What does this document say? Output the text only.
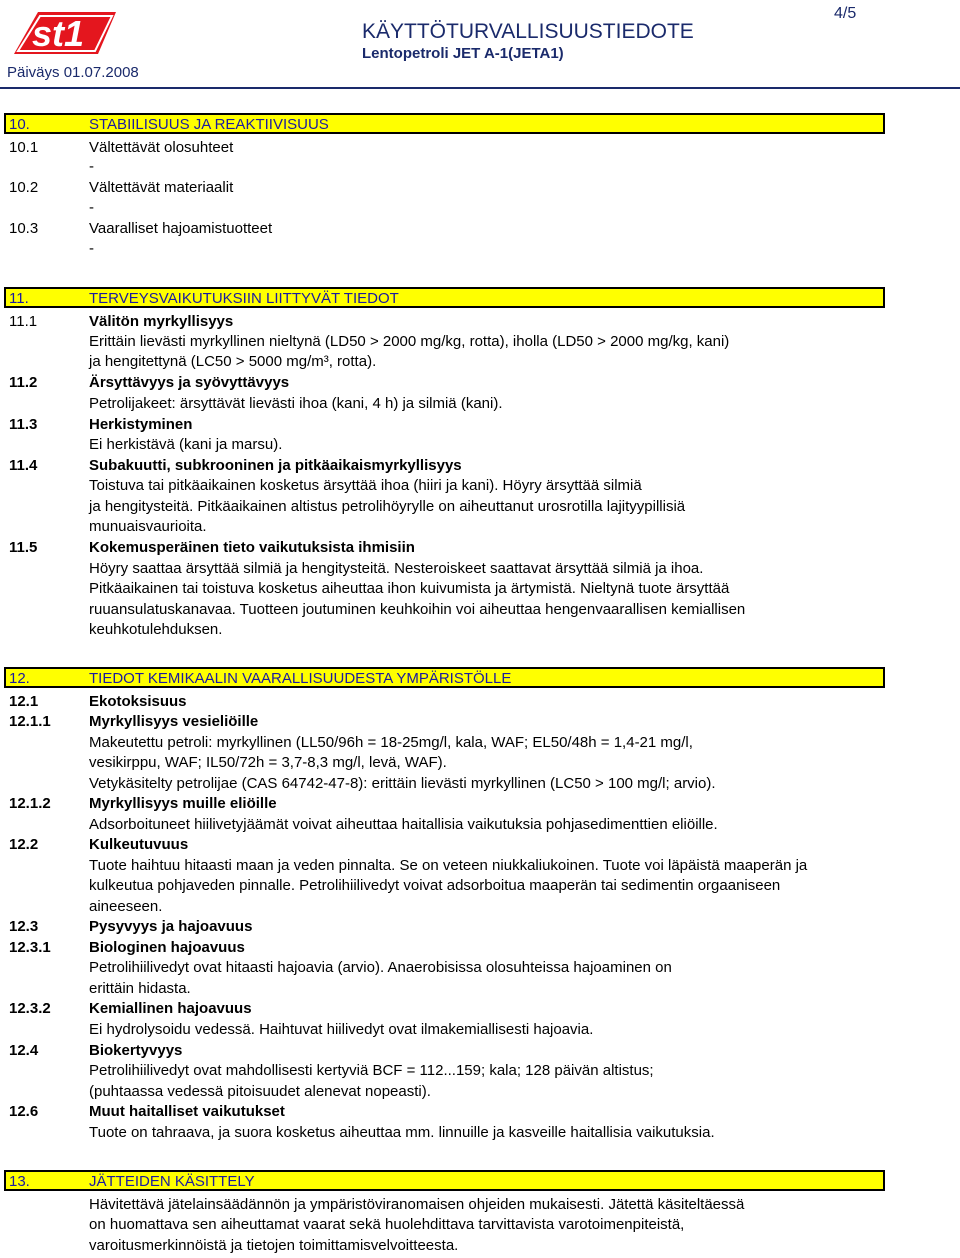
st1	KÄYTTÖTURVALLISUUSTIEDOTE
Lentopetroli JET A-1(JETA1)
4/5
Päiväys 01.07.2008
10.	STABIILISUUS JA REAKTIIVISUUS
10.1	Vältettävät olosuhteet
-
10.2	Vältettävät materiaalit
-
10.3	Vaaralliset hajoamistuotteet
-
11.	TERVEYSVAIKUTUKSIIN LIITTYVÄT TIEDOT
11.1	Välitön myrkyllisyys
Erittäin lievästi myrkyllinen nieltynä (LD50 > 2000 mg/kg, rotta), iholla (LD50 > 2000 mg/kg, kani)
ja hengitettynä (LC50 > 5000 mg/m³, rotta).
11.2	Ärsyttävyys ja syövyttävyys
Petrolijakeet: ärsyttävät lievästi ihoa (kani, 4 h) ja silmiä (kani).
11.3	Herkistyminen
Ei herkistävä (kani ja marsu).
11.4	Subakuutti, subkrooninen ja pitkäaikaismyrkyllisyys
Toistuva tai pitkäaikainen kosketus ärsyttää ihoa (hiiri ja kani). Höyry ärsyttää silmiä
ja hengitysteitä. Pitkäaikainen altistus petrolihöyrylle on aiheuttanut urosrotilla lajityypillisiä
munuaisvaurioita.
11.5	Kokemusperäinen tieto vaikutuksista ihmisiin
Höyry saattaa ärsyttää silmiä ja hengitysteitä. Nesteroiskeet saattavat ärsyttää silmiä ja ihoa.
Pitkäaikainen tai toistuva kosketus aiheuttaa ihon kuivumista ja ärtymistä. Nieltynä tuote ärsyttää
ruuansulatuskanavaa. Tuotteen joutuminen keuhkoihin voi aiheuttaa hengenvaarallisen kemiallisen
keuhkotulehduksen.
12.	TIEDOT KEMIKAALIN VAARALLISUUDESTA YMPÄRISTÖLLE
12.1	Ekotoksisuus
12.1.1	Myrkyllisyys vesieliöille
Makeutettu petroli: myrkyllinen (LL50/96h = 18-25mg/l, kala, WAF; EL50/48h = 1,4-21 mg/l,
vesikirppu, WAF; IL50/72h = 3,7-8,3 mg/l, levä, WAF).
Vetykäsitelty petrolijae (CAS 64742-47-8): erittäin lievästi myrkyllinen (LC50 > 100 mg/l; arvio).
12.1.2	Myrkyllisyys muille eliöille
Adsorboituneet hiilivetyjäämät voivat aiheuttaa haitallisia vaikutuksia pohjasedimenttien eliöille.
12.2	Kulkeutuvuus
Tuote haihtuu hitaasti maan ja veden pinnalta. Se on veteen niukkaliukoinen. Tuote voi läpäistä maaperän ja
kulkeutua pohjaveden pinnalle. Petrolihiilivedyt voivat adsorboitua maaperän tai sedimentin orgaaniseen
aineeseen.
12.3	Pysyvyys ja hajoavuus
12.3.1	Biologinen hajoavuus
Petrolihiilivedyt ovat hitaasti hajoavia (arvio). Anaerobisissa olosuhteissa hajoaminen on
erittäin hidasta.
12.3.2	Kemiallinen hajoavuus
Ei hydrolysoidu vedessä. Haihtuvat hiilivedyt ovat ilmakemiallisesti hajoavia.
12.4	Biokertyvyys
Petrolihiilivedyt ovat mahdollisesti kertyviä BCF = 112...159; kala; 128 päivän altistus;
(puhtaassa vedessä pitoisuudet alenevat nopeasti).
12.6	Muut haitalliset vaikutukset
Tuote on tahraava, ja suora kosketus aiheuttaa mm. linnuille ja kasveille haitallisia vaikutuksia.
13.	JÄTTEIDEN KÄSITTELY
Hävitettävä jätelainsäädännön ja ympäristöviranomaisen ohjeiden mukaisesti. Jätettä käsiteltäessä
on huomattava sen aiheuttamat vaarat sekä huolehdittava tarvittavista varotoimenpiteistä,
varoitusmerkinnöistä ja tietojen toimittamisvelvoitteesta.
